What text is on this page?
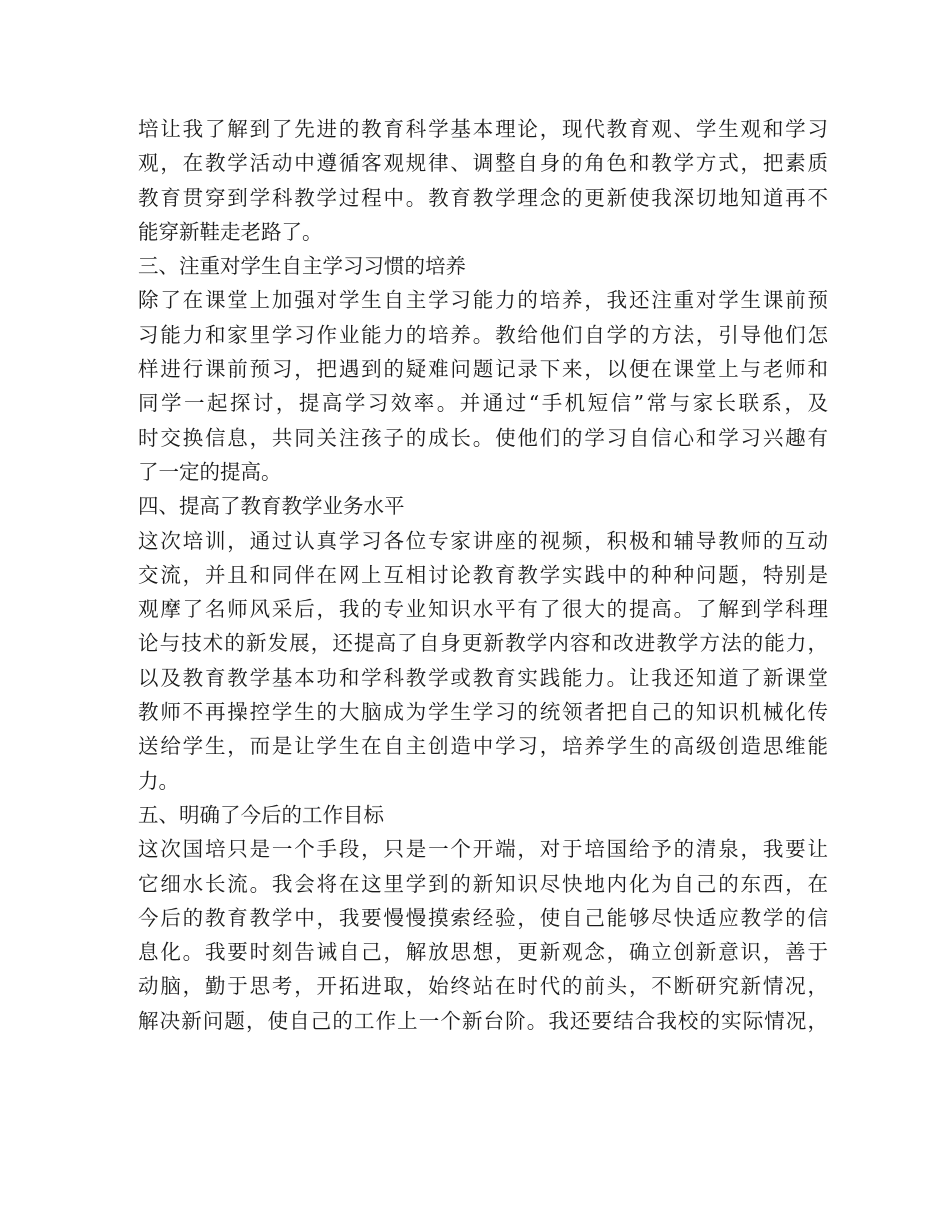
培让我了解到了先进的教育科学基本理论，现代教育观、学生观和学习
观，在教学活动中遵循客观规律、调整自身的角色和教学方式，把素质
教育贯穿到学科教学过程中。教育教学理念的更新使我深切地知道再不
能穿新鞋走老路了。
三、注重对学生自主学习习惯的培养
除了在课堂上加强对学生自主学习能力的培养，我还注重对学生课前预
习能力和家里学习作业能力的培养。教给他们自学的方法，引导他们怎
样进行课前预习，把遇到的疑难问题记录下来，以便在课堂上与老师和
同学一起探讨，提高学习效率。并通过“手机短信”常与家长联系，及
时交换信息，共同关注孩子的成长。使他们的学习自信心和学习兴趣有
了一定的提高。
四、提高了教育教学业务水平
这次培训，通过认真学习各位专家讲座的视频，积极和辅导教师的互动
交流，并且和同伴在网上互相讨论教育教学实践中的种种问题，特别是
观摩了名师风采后，我的专业知识水平有了很大的提高。了解到学科理
论与技术的新发展，还提高了自身更新教学内容和改进教学方法的能力，
以及教育教学基本功和学科教学或教育实践能力。让我还知道了新课堂
教师不再操控学生的大脑成为学生学习的统领者把自己的知识机械化传
送给学生，而是让学生在自主创造中学习，培养学生的高级创造思维能
力。
五、明确了今后的工作目标
这次国培只是一个手段，只是一个开端，对于培国给予的清泉，我要让
它细水长流。我会将在这里学到的新知识尽快地内化为自己的东西，在
今后的教育教学中，我要慢慢摸索经验，使自己能够尽快适应教学的信
息化。我要时刻告诫自己，解放思想，更新观念，确立创新意识，善于
动脑，勤于思考，开拓进取，始终站在时代的前头，不断研究新情况，
解决新问题，使自己的工作上一个新台阶。我还要结合我校的实际情况，
